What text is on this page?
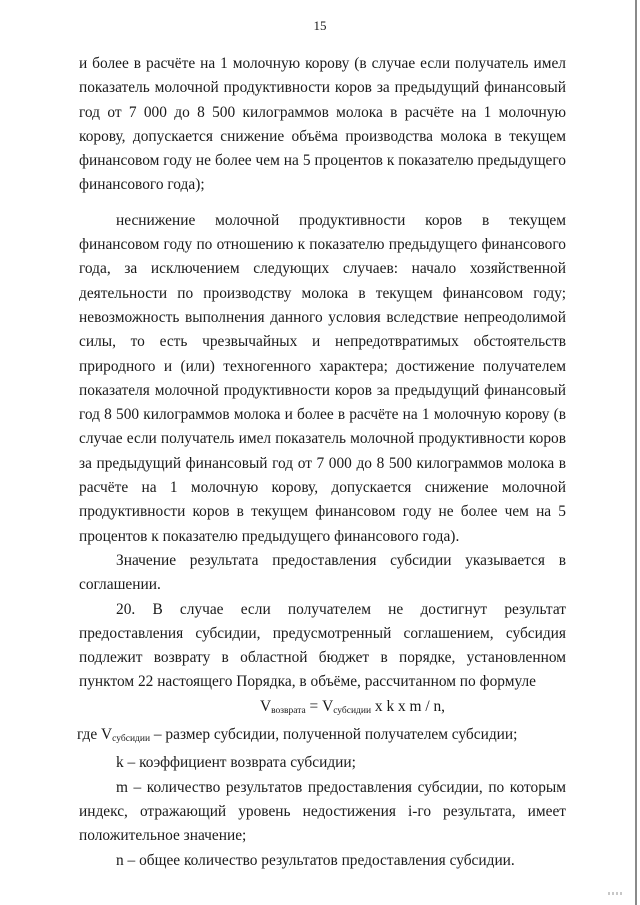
15

и более в расчёте на 1 молочную корову (в случае если получатель имел показатель молочной продуктивности коров за предыдущий финансовый год от 7 000 до 8 500 килограммов молока в расчёте на 1 молочную корову, допускается снижение объёма производства молока в текущем финансовом году не более чем на 5 процентов к показателю предыдущего финансового года);

неснижение молочной продуктивности коров в текущем финансовом году по отношению к показателю предыдущего финансового года, за исключением следующих случаев: начало хозяйственной деятельности по производству молока в текущем финансовом году; невозможность выполнения данного условия вследствие непреодолимой силы, то есть чрезвычайных и непредотвратимых обстоятельств природного и (или) техногенного характера; достижение получателем показателя молочной продуктивности коров за предыдущий финансовый год 8 500 килограммов молока и более в расчёте на 1 молочную корову (в случае если получатель имел показатель молочной продуктивности коров за предыдущий финансовый год от 7 000 до 8 500 килограммов молока в расчёте на 1 молочную корову, допускается снижение молочной продуктивности коров в текущем финансовом году не более чем на 5 процентов к показателю предыдущего финансового года).

Значение результата предоставления субсидии указывается в соглашении.

20. В случае если получателем не достигнут результат предоставления субсидии, предусмотренный соглашением, субсидия подлежит возврату в областной бюджет в порядке, установленном пунктом 22 настоящего Порядка, в объёме, рассчитанном по формуле

$V_{возврата} = V_{субсидии}$ x k x m / n,

где $V_{субсидии}$ – размер субсидии, полученной получателем субсидии;

k – коэффициент возврата субсидии;

m – количество результатов предоставления субсидии, по которым индекс, отражающий уровень недостижения i-го результата, имеет положительное значение;

n – общее количество результатов предоставления субсидии.
